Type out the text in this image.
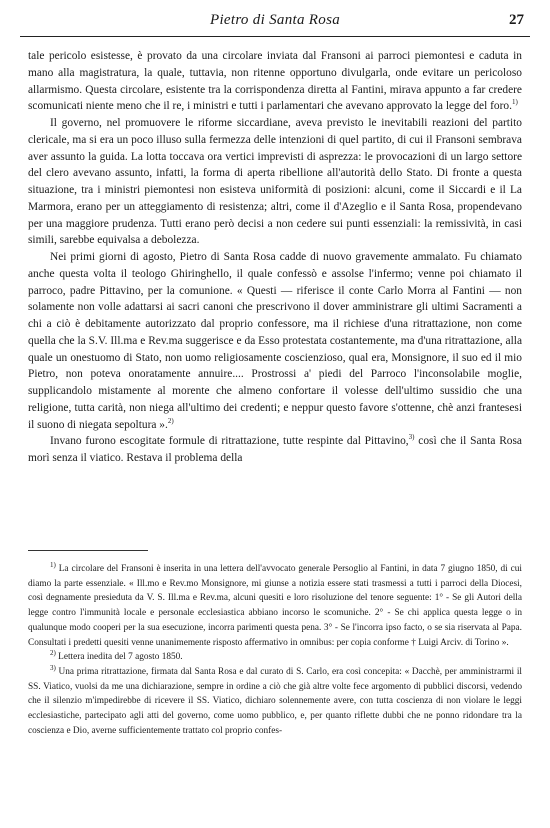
Pietro di Santa Rosa	27

tale pericolo esistesse, è provato da una circolare inviata dal Fransoni ai parroci piemontesi e caduta in mano alla magistratura, la quale, tuttavia, non ritenne opportuno divulgarla, onde evitare un pericoloso allarmismo. Questa circolare, esistente tra la corrispondenza diretta al Fantini, mirava appunto a far credere scomunicati niente meno che il re, i ministri e tutti i parlamentari che avevano approvato la legge del foro.$^{1)}$

Il governo, nel promuovere le riforme siccardiane, aveva previsto le inevitabili reazioni del partito clericale, ma si era un poco illuso sulla fermezza delle intenzioni di quel partito, di cui il Fransoni sembrava aver assunto la guida. La lotta toccava ora vertici imprevisti di asprezza: le provocazioni di un largo settore del clero avevano assunto, infatti, la forma di aperta ribellione all'autorità dello Stato. Di fronte a questa situazione, tra i ministri piemontesi non esisteva uniformità di posizioni: alcuni, come il Siccardi e il La Marmora, erano per un atteggiamento di resistenza; altri, come il d'Azeglio e il Santa Rosa, propendevano per una maggiore prudenza. Tutti erano però decisi a non cedere sui punti essenziali: la remissività, in casi simili, sarebbe equivalsa a debolezza.

Nei primi giorni di agosto, Pietro di Santa Rosa cadde di nuovo gravemente ammalato. Fu chiamato anche questa volta il teologo Ghiringhello, il quale confessò e assolse l'infermo; venne poi chiamato il parroco, padre Pittavino, per la comunione. « Questi — riferisce il conte Carlo Morra al Fantini — non solamente non volle adattarsi ai sacri canoni che prescrivono il dover amministrare gli ultimi Sacramenti a chi a ciò è debitamente autorizzato dal proprio confessore, ma il richiese d'una ritrattazione, non come quella che la S.V. Ill.ma e Rev.ma suggerisce e da Esso protestata costantemente, ma d'una ritrattazione, alla quale un onestuomo di Stato, non uomo religiosamente coscienzioso, qual era, Monsignore, il suo ed il mio Pietro, non poteva onoratamente annuire.... Prostrossi a' piedi del Parroco l'inconsolabile moglie, supplicandolo mistamente al morente che almeno confortare il volesse dell'ultimo sussidio che una religione, tutta carità, non niega all'ultimo dei credenti; e neppur questo favore s'ottenne, chè anzi frantesesi il suono di niegata sepoltura ».$^{2)}$

Invano furono escogitate formule di ritrattazione, tutte respinte dal Pittavino,$^{3)}$ così che il Santa Rosa morì senza il viatico. Restava il problema della

$^{1)}$ La circolare del Fransoni è inserita in una lettera dell'avvocato generale Persoglio al Fantini, in data 7 giugno 1850, di cui diamo la parte essenziale. « Ill.mo e Rev.mo Monsignore, mi giunse a notizia essere stati trasmessi a tutti i parroci della Diocesi, così degnamente presieduta da V. S. Ill.ma e Rev.ma, alcuni quesiti e loro risoluzione del tenore seguente: 1° - Se gli Autori della legge contro l'immunità locale e personale ecclesiastica abbiano incorso le scomuniche. 2° - Se chi applica questa legge o in qualunque modo cooperi per la sua esecuzione, incorra parimenti questa pena. 3° - Se l'incorra ipso facto, o se sia riservata al Papa. Consultati i predetti quesiti venne unanimemente risposto affermativo in omnibus: per copia conforme † Luigi Arciv. di Torino ».

$^{2)}$ Lettera inedita del 7 agosto 1850.

$^{3)}$ Una prima ritrattazione, firmata dal Santa Rosa e dal curato di S. Carlo, era così concepita: « Dacchè, per amministrarmi il SS. Viatico, vuolsi da me una dichiarazione, sempre in ordine a ciò che già altre volte fece argomento di pubblici discorsi, vedendo che il silenzio m'impedirebbe di ricevere il SS. Viatico, dichiaro solennemente avere, con tutta coscienza di non violare le leggi ecclesiastiche, partecipato agli atti del governo, come uomo pubblico, e, per quanto riflette dubbi che ne ponno ridondare tra la coscienza e Dio, averne sufficientemente trattato col proprio confes-
